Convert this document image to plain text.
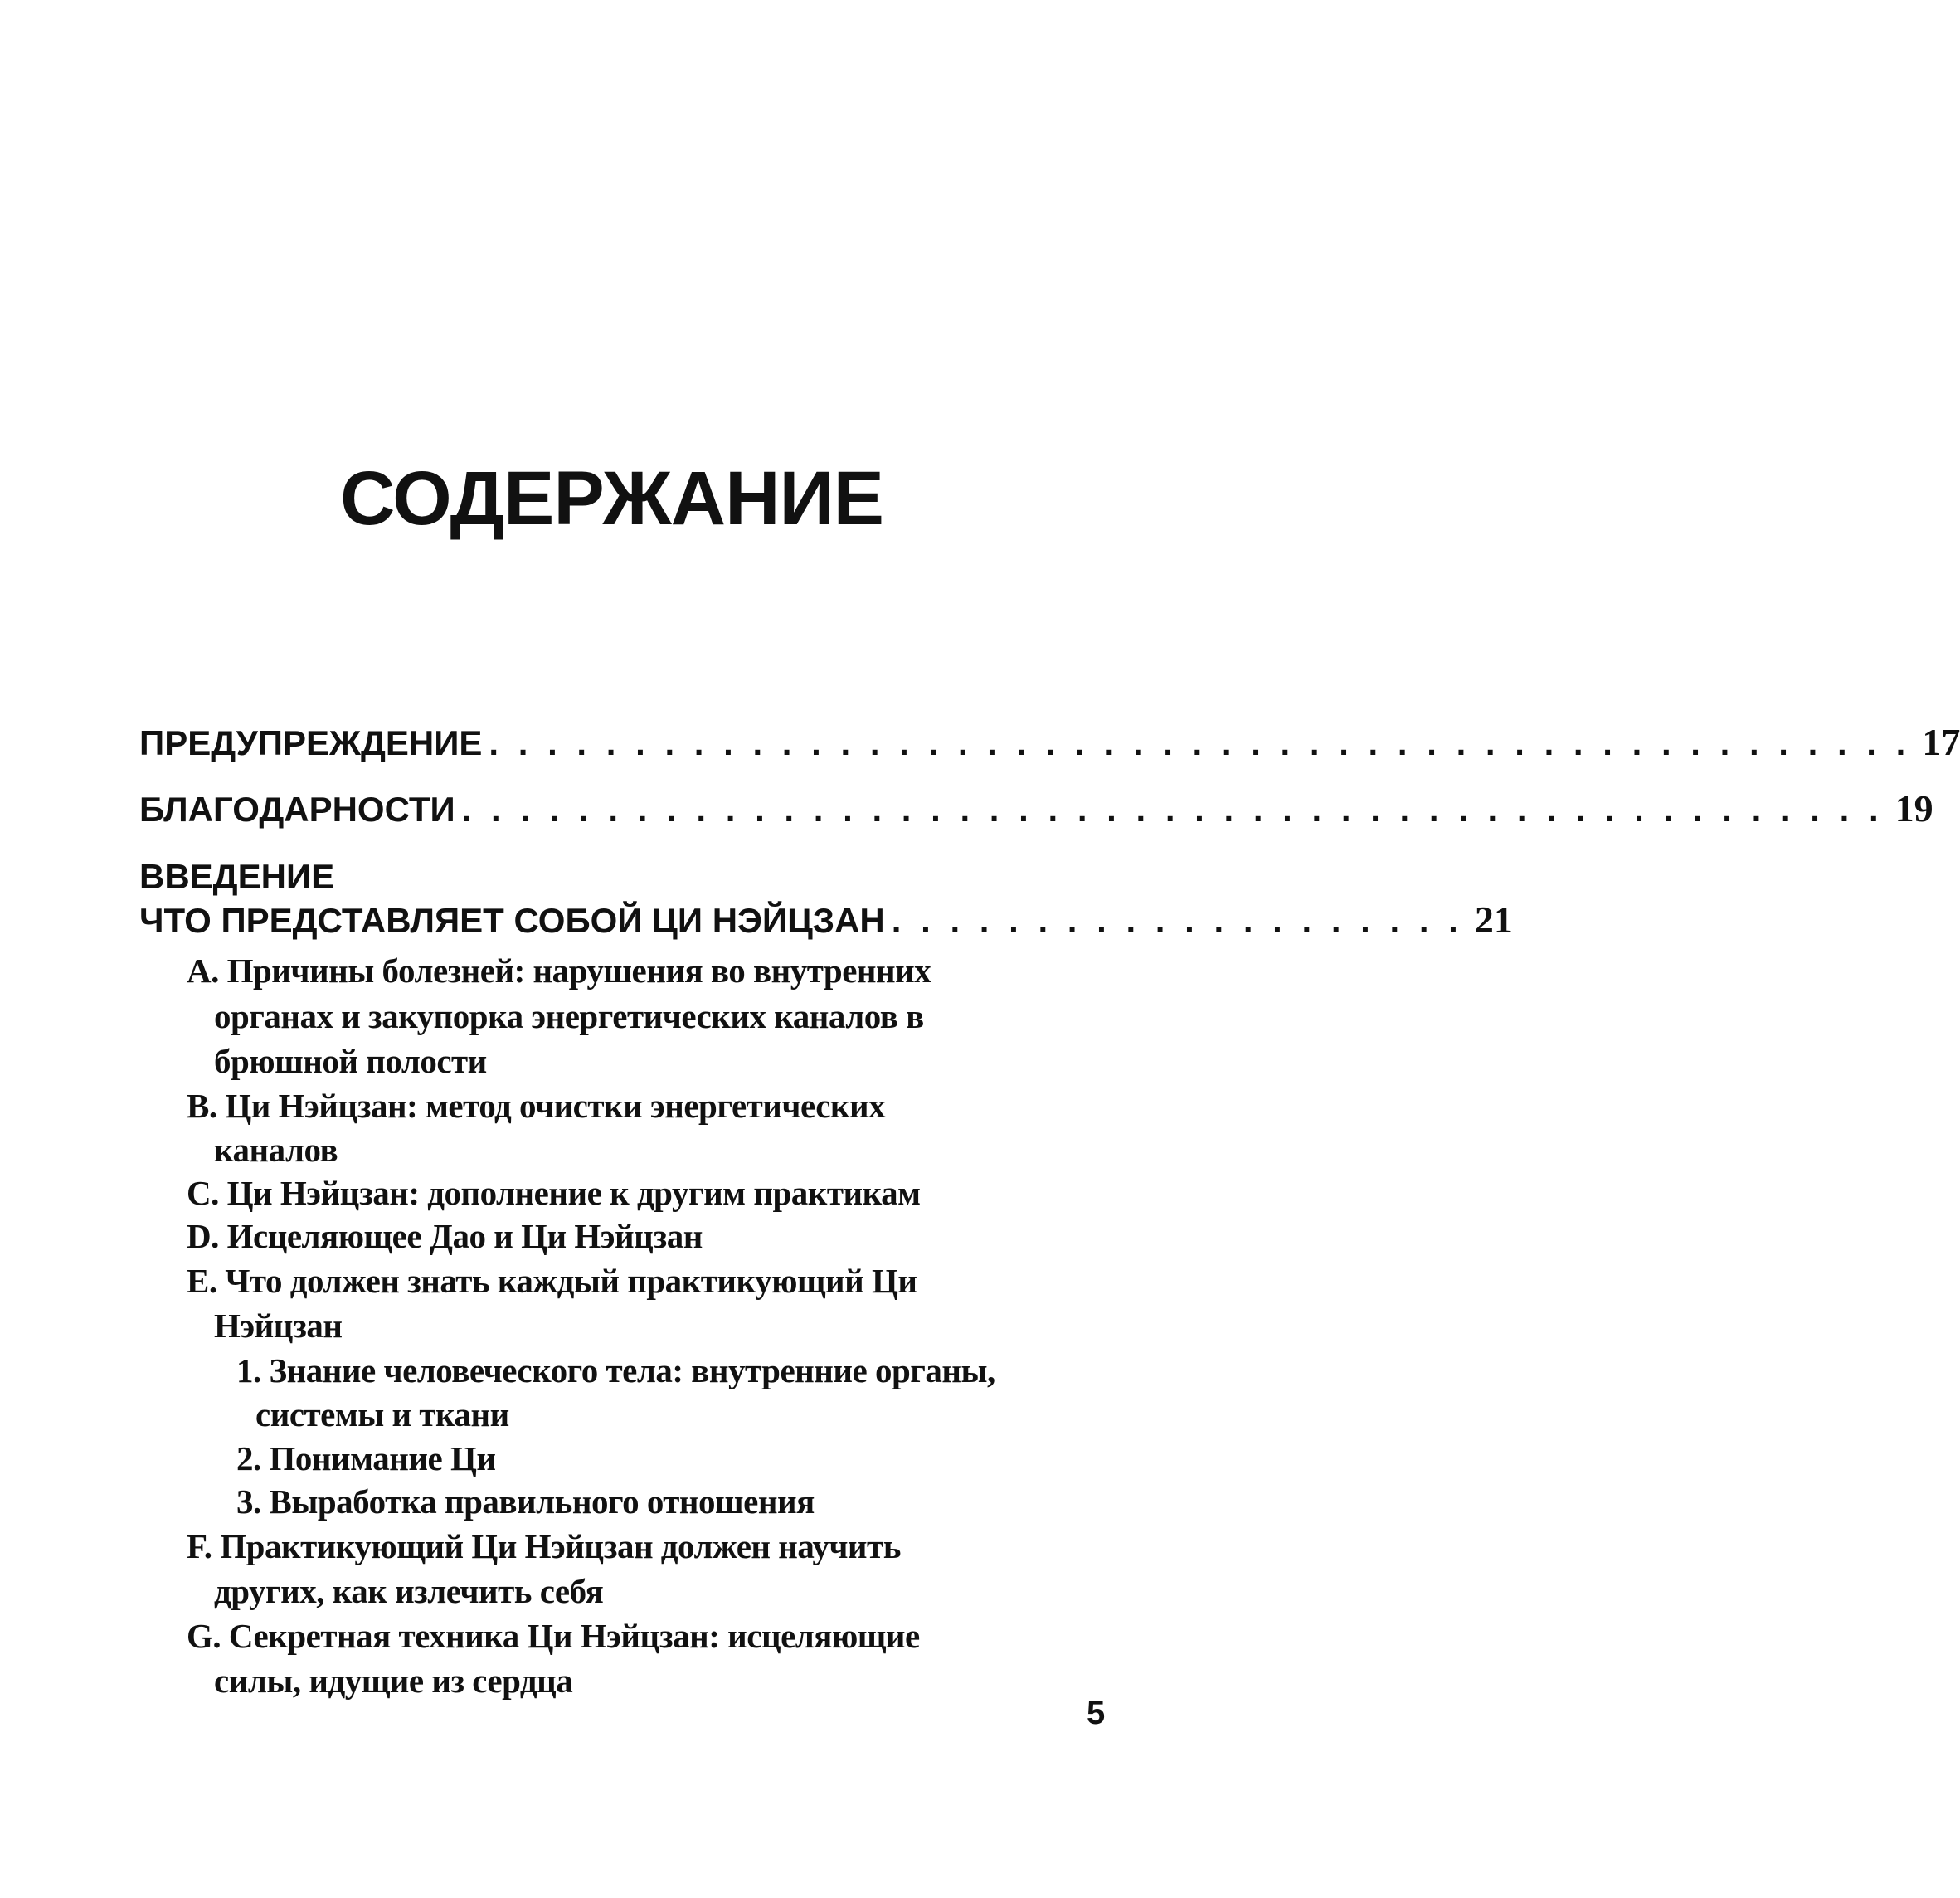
СОДЕРЖАНИЕ
ПРЕДУПРЕЖДЕНИЕ . . . . . . . . . . . . . . . . . . . . . . . . . . . . . . . . . . . . . . . . . . . . . . . . . 17
БЛАГОДАРНОСТИ . . . . . . . . . . . . . . . . . . . . . . . . . . . . . . . . . . . . . . . . . . . . . . . . . 19
ВВЕДЕНИЕ
ЧТО ПРЕДСТАВЛЯЕТ СОБОЙ ЦИ НЭЙЦЗАН . . . . . . . . . . . . . . . . . . . . 21
А. Причины болезней: нарушения во внутренних
органах и закупорка энергетических каналов в
брюшной полости
В. Ци Нэйцзан: метод очистки энергетических
каналов
С. Ци Нэйцзан: дополнение к другим практикам
D. Исцеляющее Дао и Ци Нэйцзан
Е. Что должен знать каждый практикующий Ци
Нэйцзан
1. Знание человеческого тела: внутренние органы,
системы и ткани
2. Понимание Ци
3. Выработка правильного отношения
F. Практикующий Ци Нэйцзан должен научить
других, как излечить себя
G. Секретная техника Ци Нэйцзан: исцеляющие
силы, идущие из сердца
5
